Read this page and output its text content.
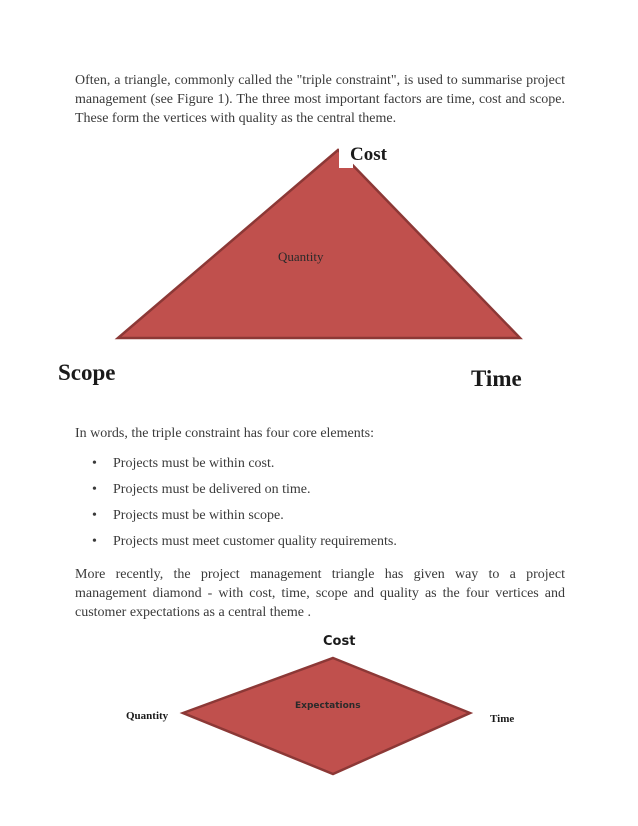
Often, a triangle, commonly called the "triple constraint", is used to summarise project management (see Figure 1). The three most important factors are time, cost and scope. These form the vertices with quality as the central theme.

Cost
Scope	Time
Quantity

In words, the triple constraint has four core elements:

• Projects must be within cost.
• Projects must be delivered on time.
• Projects must be within scope.
• Projects must meet customer quality requirements.

More recently, the project management triangle has given way to a project management diamond - with cost, time, scope and quality as the four vertices and customer expectations as a central theme .

Cost
Quantity	Time
Expectations
